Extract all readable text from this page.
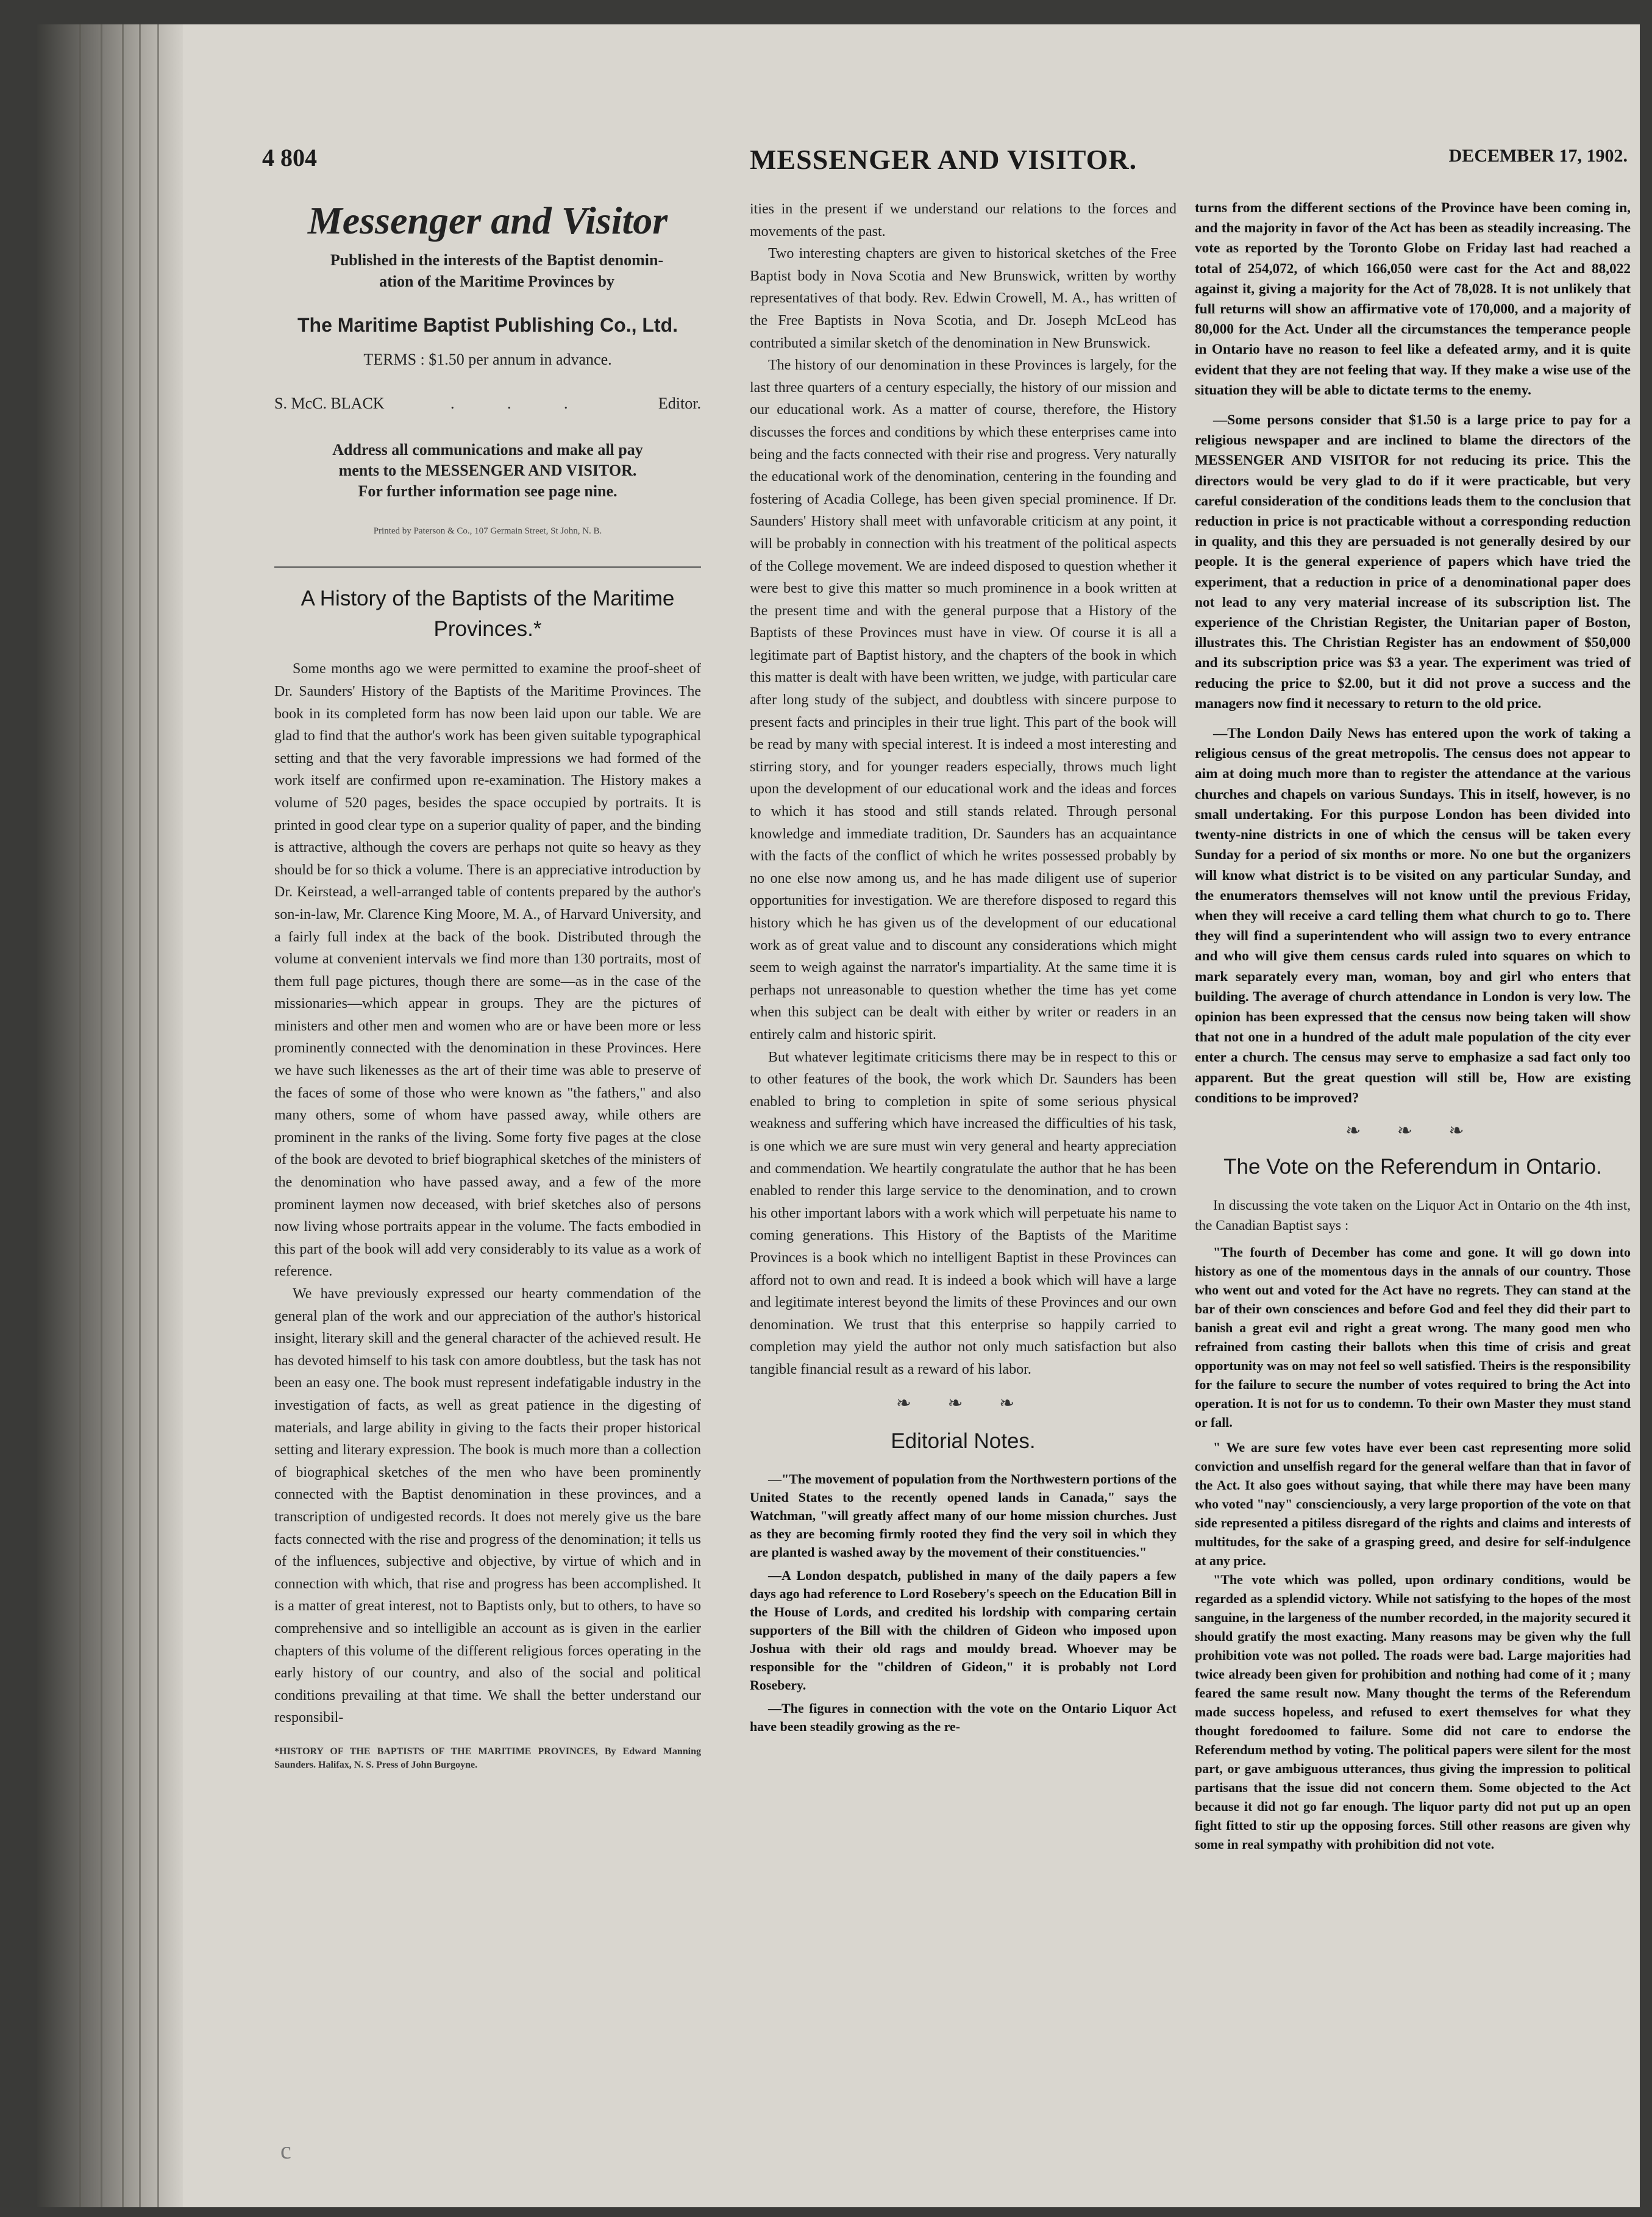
4 804	MESSENGER AND VISITOR.	DECEMBER 17, 1902.
Messenger and Visitor

Published in the interests of the Baptist denomin-

ation of the Maritime Provinces by

The Maritime Baptist Publishing Co., Ltd.
TERMS : $1.50 per annum in advance.
S. McC. BLACK	. . .	Editor.
Address all communications and make all pay
ments to the MESSENGER AND VISITOR.
For further information see page nine.
Printed by Paterson & Co., 107 Germain Street, St John, N. B.
A History of the Baptists of the Maritime Provinces.*

Some months ago we were permitted to examine the proof-sheet of Dr. Saunders' History of the Baptists of the Maritime Provinces. The book in its completed form has now been laid upon our table. We are glad to find that the author's work has been given suitable typographical setting and that the very favorable impressions we had formed of the work itself are confirmed upon re-examination. The History makes a volume of 520 pages, besides the space occupied by portraits. It is printed in good clear type on a superior quality of paper, and the binding is attractive, although the covers are perhaps not quite so heavy as they should be for so thick a volume. There is an appreciative introduction by Dr. Keirstead, a well-arranged table of contents prepared by the author's son-in-law, Mr. Clarence King Moore, M. A., of Harvard University, and a fairly full index at the back of the book. Distributed through the volume at convenient intervals we find more than 130 portraits, most of them full page pictures, though there are some—as in the case of the missionaries—which appear in groups. They are the pictures of ministers and other men and women who are or have been more or less prominently connected with the denomination in these Provinces. Here we have such likenesses as the art of their time was able to preserve of the faces of some of those who were known as "the fathers," and also many others, some of whom have passed away, while others are prominent in the ranks of the living. Some forty five pages at the close of the book are devoted to brief biographical sketches of the ministers of the denomination who have passed away, and a few of the more prominent laymen now deceased, with brief sketches also of persons now living whose portraits appear in the volume. The facts embodied in this part of the book will add very considerably to its value as a work of reference.

We have previously expressed our hearty commendation of the general plan of the work and our appreciation of the author's historical insight, literary skill and the general character of the achieved result. He has devoted himself to his task con amore doubtless, but the task has not been an easy one. The book must represent indefatigable industry in the investigation of facts, as well as great patience in the digesting of materials, and large ability in giving to the facts their proper historical setting and literary expression. The book is much more than a collection of biographical sketches of the men who have been prominently connected with the Baptist denomination in these provinces, and a transcription of undigested records. It does not merely give us the bare facts connected with the rise and progress of the denomination; it tells us of the influences, subjective and objective, by virtue of which and in connection with which, that rise and progress has been accomplished. It is a matter of great interest, not to Baptists only, but to others, to have so comprehensive and so intelligible an account as is given in the earlier chapters of this volume of the different religious forces operating in the early history of our country, and also of the social and political conditions prevailing at that time. We shall the better understand our responsibil-

*HISTORY OF THE BAPTISTS OF THE MARITIME PROVINCES, By Edward Manning Saunders. Halifax, N. S. Press of John Burgoyne.

ities in the present if we understand our relations to the forces and movements of the past.

Two interesting chapters are given to historical sketches of the Free Baptist body in Nova Scotia and New Brunswick, written by worthy representatives of that body. Rev. Edwin Crowell, M. A., has written of the Free Baptists in Nova Scotia, and Dr. Joseph McLeod has contributed a similar sketch of the denomination in New Brunswick.

The history of our denomination in these Provinces is largely, for the last three quarters of a century especially, the history of our mission and our educational work. As a matter of course, therefore, the History discusses the forces and conditions by which these enterprises came into being and the facts connected with their rise and progress. Very naturally the educational work of the denomination, centering in the founding and fostering of Acadia College, has been given special prominence. If Dr. Saunders' History shall meet with unfavorable criticism at any point, it will be probably in connection with his treatment of the political aspects of the College movement. We are indeed disposed to question whether it were best to give this matter so much prominence in a book written at the present time and with the general purpose that a History of the Baptists of these Provinces must have in view. Of course it is all a legitimate part of Baptist history, and the chapters of the book in which this matter is dealt with have been written, we judge, with particular care after long study of the subject, and doubtless with sincere purpose to present facts and principles in their true light. This part of the book will be read by many with special interest. It is indeed a most interesting and stirring story, and for younger readers especially, throws much light upon the development of our educational work and the ideas and forces to which it has stood and still stands related. Through personal knowledge and immediate tradition, Dr. Saunders has an acquaintance with the facts of the conflict of which he writes possessed probably by no one else now among us, and he has made diligent use of superior opportunities for investigation. We are therefore disposed to regard this history which he has given us of the development of our educational work as of great value and to discount any considerations which might seem to weigh against the narrator's impartiality. At the same time it is perhaps not unreasonable to question whether the time has yet come when this subject can be dealt with either by writer or readers in an entirely calm and historic spirit.

But whatever legitimate criticisms there may be in respect to this or to other features of the book, the work which Dr. Saunders has been enabled to bring to completion in spite of some serious physical weakness and suffering which have increased the difficulties of his task, is one which we are sure must win very general and hearty appreciation and commendation. We heartily congratulate the author that he has been enabled to render this large service to the denomination, and to crown his other important labors with a work which will perpetuate his name to coming generations. This History of the Baptists of the Maritime Provinces is a book which no intelligent Baptist in these Provinces can afford not to own and read. It is indeed a book which will have a large and legitimate interest beyond the limits of these Provinces and our own denomination. We trust that this enterprise so happily carried to completion may yield the author not only much satisfaction but also tangible financial result as a reward of his labor.

❧ ❧ ❧
Editorial Notes.

—"The movement of population from the Northwestern portions of the United States to the recently opened lands in Canada," says the Watchman, "will greatly affect many of our home mission churches. Just as they are becoming firmly rooted they find the very soil in which they are planted is washed away by the movement of their constituencies."

—A London despatch, published in many of the daily papers a few days ago had reference to Lord Rosebery's speech on the Education Bill in the House of Lords, and credited his lordship with comparing certain supporters of the Bill with the children of Gideon who imposed upon Joshua with their old rags and mouldy bread. Whoever may be responsible for the "children of Gideon," it is probably not Lord Rosebery.

—The figures in connection with the vote on the Ontario Liquor Act have been steadily growing as the re-

turns from the different sections of the Province have been coming in, and the majority in favor of the Act has been as steadily increasing. The vote as reported by the Toronto Globe on Friday last had reached a total of 254,072, of which 166,050 were cast for the Act and 88,022 against it, giving a majority for the Act of 78,028. It is not unlikely that full returns will show an affirmative vote of 170,000, and a majority of 80,000 for the Act. Under all the circumstances the temperance people in Ontario have no reason to feel like a defeated army, and it is quite evident that they are not feeling that way. If they make a wise use of the situation they will be able to dictate terms to the enemy.

—Some persons consider that $1.50 is a large price to pay for a religious newspaper and are inclined to blame the directors of the MESSENGER AND VISITOR for not reducing its price. This the directors would be very glad to do if it were practicable, but very careful consideration of the conditions leads them to the conclusion that reduction in price is not practicable without a corresponding reduction in quality, and this they are persuaded is not generally desired by our people. It is the general experience of papers which have tried the experiment, that a reduction in price of a denominational paper does not lead to any very material increase of its subscription list. The experience of the Christian Register, the Unitarian paper of Boston, illustrates this. The Christian Register has an endowment of $50,000 and its subscription price was $3 a year. The experiment was tried of reducing the price to $2.00, but it did not prove a success and the managers now find it necessary to return to the old price.

—The London Daily News has entered upon the work of taking a religious census of the great metropolis. The census does not appear to aim at doing much more than to register the attendance at the various churches and chapels on various Sundays. This in itself, however, is no small undertaking. For this purpose London has been divided into twenty-nine districts in one of which the census will be taken every Sunday for a period of six months or more. No one but the organizers will know what district is to be visited on any particular Sunday, and the enumerators themselves will not know until the previous Friday, when they will receive a card telling them what church to go to. There they will find a superintendent who will assign two to every entrance and who will give them census cards ruled into squares on which to mark separately every man, woman, boy and girl who enters that building. The average of church attendance in London is very low. The opinion has been expressed that the census now being taken will show that not one in a hundred of the adult male population of the city ever enter a church. The census may serve to emphasize a sad fact only too apparent. But the great question will still be, How are existing conditions to be improved?

❧ ❧ ❧
The Vote on the Referendum in Ontario.

In discussing the vote taken on the Liquor Act in Ontario on the 4th inst, the Canadian Baptist says :

"The fourth of December has come and gone. It will go down into history as one of the momentous days in the annals of our country. Those who went out and voted for the Act have no regrets. They can stand at the bar of their own consciences and before God and feel they did their part to banish a great evil and right a great wrong. The many good men who refrained from casting their ballots when this time of crisis and great opportunity was on may not feel so well satisfied. Theirs is the responsibility for the failure to secure the number of votes required to bring the Act into operation. It is not for us to condemn. To their own Master they must stand or fall.

" We are sure few votes have ever been cast representing more solid conviction and unselfish regard for the general welfare than that in favor of the Act. It also goes without saying, that while there may have been many who voted "nay" conscienciously, a very large proportion of the vote on that side represented a pitiless disregard of the rights and claims and interests of multitudes, for the sake of a grasping greed, and desire for self-indulgence at any price.

"The vote which was polled, upon ordinary conditions, would be regarded as a splendid victory. While not satisfying to the hopes of the most sanguine, in the largeness of the number recorded, in the majority secured it should gratify the most exacting. Many reasons may be given why the full prohibition vote was not polled. The roads were bad. Large majorities had twice already been given for prohibition and nothing had come of it ; many feared the same result now. Many thought the terms of the Referendum made success hopeless, and refused to exert themselves for what they thought foredoomed to failure. Some did not care to endorse the Referendum method by voting. The political papers were silent for the most part, or gave ambiguous utterances, thus giving the impression to political partisans that the issue did not concern them. Some objected to the Act because it did not go far enough. The liquor party did not put up an open fight fitted to stir up the opposing forces. Still other reasons are given why some in real sympathy with prohibition did not vote.

c
